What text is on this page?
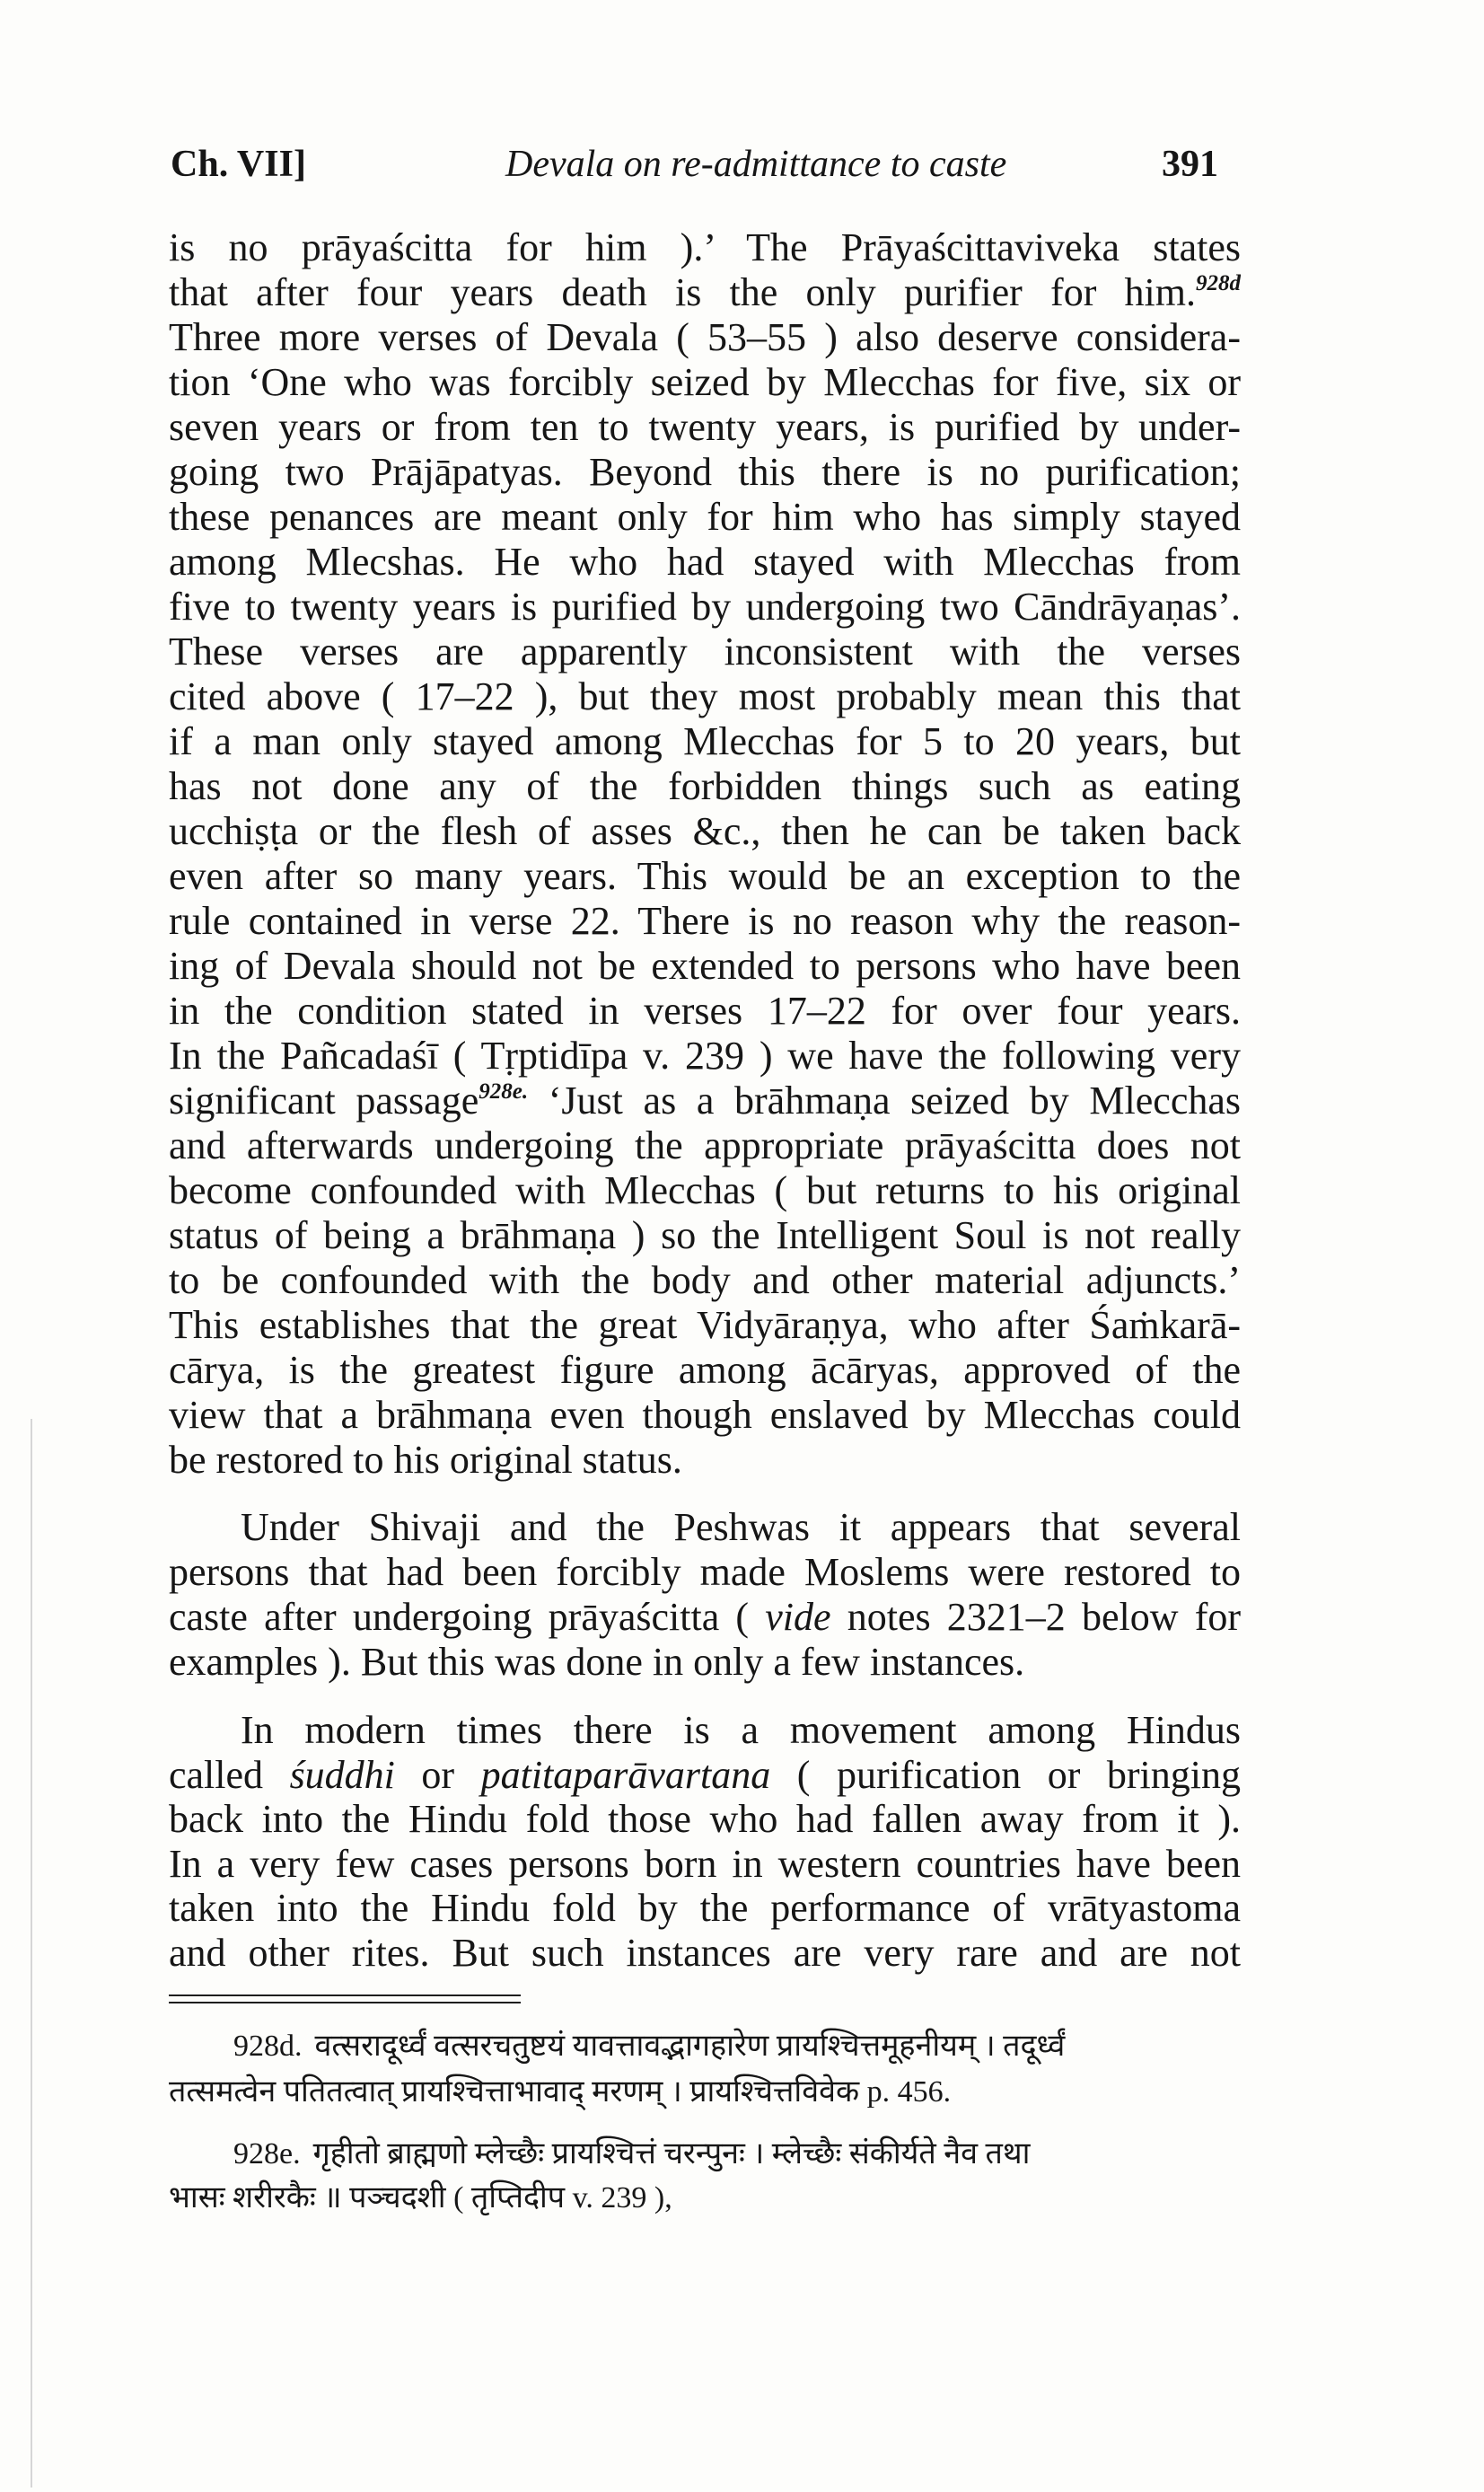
Ch. VII]	Devala on re-admittance to caste	391
is no prāyaścitta for him ).’ The Prāyaścittaviveka states
that after four years death is the only purifier for him.$^{928d}$
Three more verses of Devala ( 53–55 ) also deserve considera-
tion ‘One who was forcibly seized by Mlecchas for five, six or
seven years or from ten to twenty years, is purified by under-
going two Prājāpatyas. Beyond this there is no purification;
these penances are meant only for him who has simply stayed
among Mlecshas. He who had stayed with Mlecchas from
five to twenty years is purified by undergoing two Cāndrāyaṇas’.
These verses are apparently inconsistent with the verses
cited above ( 17–22 ), but they most probably mean this that
if a man only stayed among Mlecchas for 5 to 20 years, but
has not done any of the forbidden things such as eating
ucchiṣṭa or the flesh of asses &c., then he can be taken back
even after so many years. This would be an exception to the
rule contained in verse 22. There is no reason why the reason-
ing of Devala should not be extended to persons who have been
in the condition stated in verses 17–22 for over four years.
In the Pañcadaśī ( Tṛptidīpa v. 239 ) we have the following very
significant passage$^{928e.}$ ‘Just as a brāhmaṇa seized by Mlecchas
and afterwards undergoing the appropriate prāyaścitta does not
become confounded with Mlecchas ( but returns to his original
status of being a brāhmaṇa ) so the Intelligent Soul is not really
to be confounded with the body and other material adjuncts.’
This establishes that the great Vidyāraṇya, who after Śaṁkarā-
cārya, is the greatest figure among ācāryas, approved of the
view that a brāhmaṇa even though enslaved by Mlecchas could
be restored to his original status.
Under Shivaji and the Peshwas it appears that several
persons that had been forcibly made Moslems were restored to
caste after undergoing prāyaścitta ( vide notes 2321–2 below for
examples ). But this was done in only a few instances.
In modern times there is a movement among Hindus
called śuddhi or patitaparāvartana ( purification or bringing
back into the Hindu fold those who had fallen away from it ).
In a very few cases persons born in western countries have been
taken into the Hindu fold by the performance of vrātyastoma
and other rites. But such instances are very rare and are not
928d. वत्सरादूर्ध्वं वत्सरचतुष्टयं यावत्तावद्भागहारेण प्रायश्चित्तमूहनीयम् । तदूर्ध्वं
तत्समत्वेन पतितत्वात् प्रायश्चित्ताभावाद् मरणम् । प्रायश्चित्तविवेक p. 456.
928e. गृहीतो ब्राह्मणो म्लेच्छैः प्रायश्चित्तं चरन्पुनः । म्लेच्छैः संकीर्यते नैव तथा
भासः शरीरकैः ॥ पञ्चदशी ( तृप्तिदीप v. 239 ),
